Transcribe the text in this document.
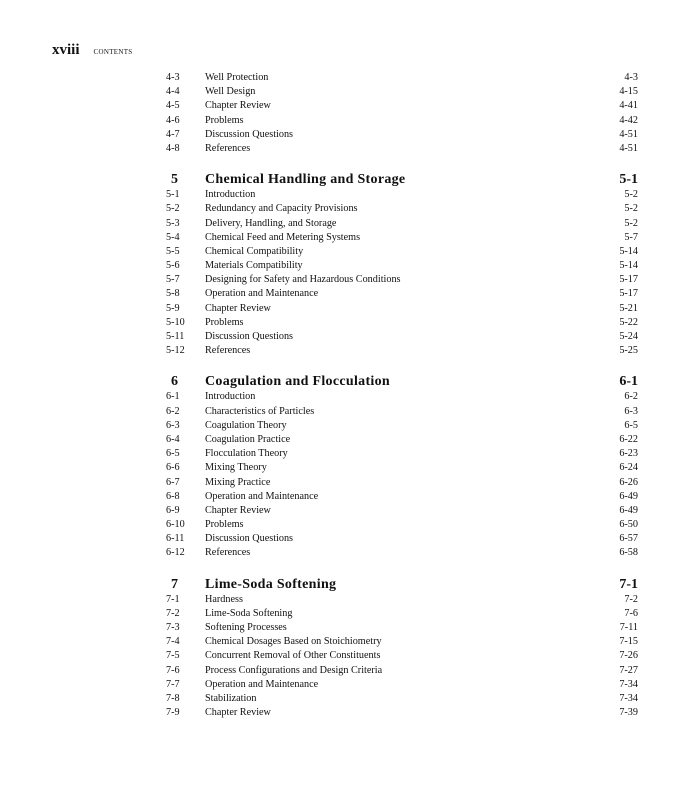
xviii CONTENTS
4-3 Well Protection	4-3
4-4 Well Design	4-15
4-5 Chapter Review	4-41
4-6 Problems	4-42
4-7 Discussion Questions	4-51
4-8 References	4-51
5 Chemical Handling and Storage	5-1
5-1 Introduction	5-2
5-2 Redundancy and Capacity Provisions	5-2
5-3 Delivery, Handling, and Storage	5-2
5-4 Chemical Feed and Metering Systems	5-7
5-5 Chemical Compatibility	5-14
5-6 Materials Compatibility	5-14
5-7 Designing for Safety and Hazardous Conditions	5-17
5-8 Operation and Maintenance	5-17
5-9 Chapter Review	5-21
5-10 Problems	5-22
5-11 Discussion Questions	5-24
5-12 References	5-25
6 Coagulation and Flocculation	6-1
6-1 Introduction	6-2
6-2 Characteristics of Particles	6-3
6-3 Coagulation Theory	6-5
6-4 Coagulation Practice	6-22
6-5 Flocculation Theory	6-23
6-6 Mixing Theory	6-24
6-7 Mixing Practice	6-26
6-8 Operation and Maintenance	6-49
6-9 Chapter Review	6-49
6-10 Problems	6-50
6-11 Discussion Questions	6-57
6-12 References	6-58
7 Lime-Soda Softening	7-1
7-1 Hardness	7-2
7-2 Lime-Soda Softening	7-6
7-3 Softening Processes	7-11
7-4 Chemical Dosages Based on Stoichiometry	7-15
7-5 Concurrent Removal of Other Constituents	7-26
7-6 Process Configurations and Design Criteria	7-27
7-7 Operation and Maintenance	7-34
7-8 Stabilization	7-34
7-9 Chapter Review	7-39
